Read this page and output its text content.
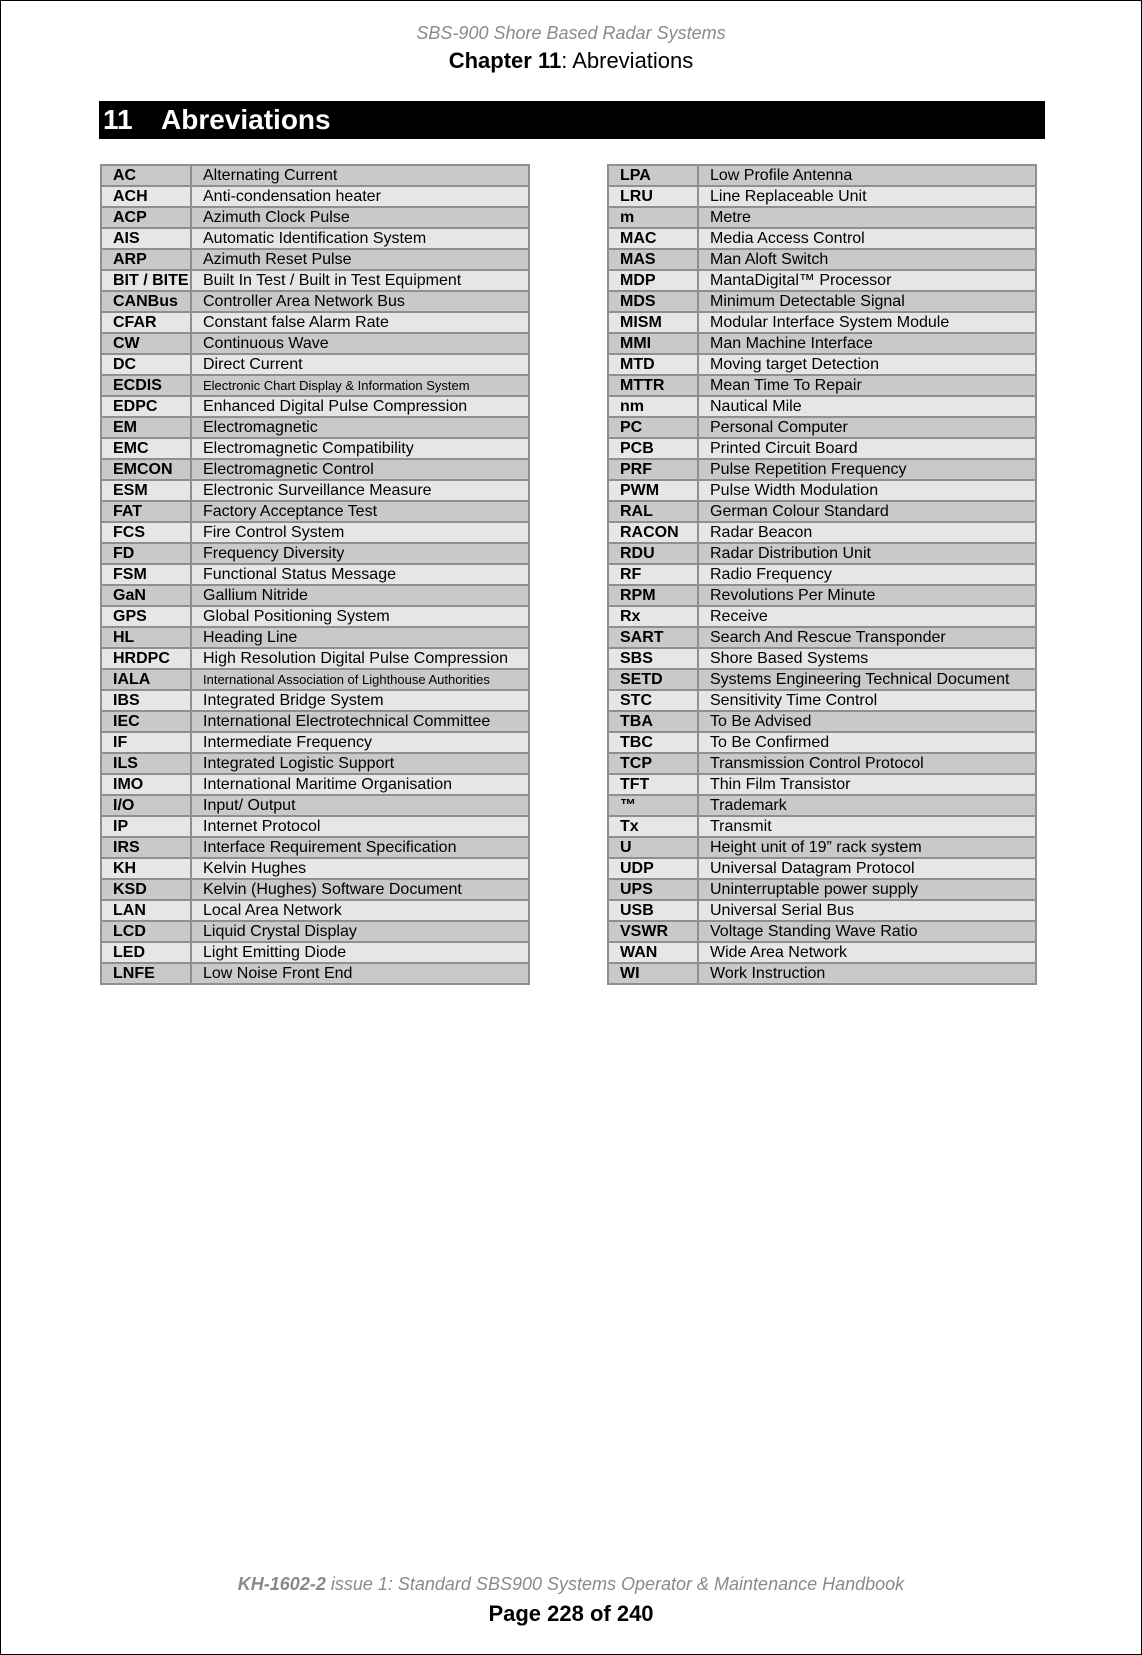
SBS-900 Shore Based Radar Systems
Chapter 11: Abreviations
11 Abreviations
AC	Alternating Current
ACH	Anti-condensation heater
ACP	Azimuth Clock Pulse
AIS	Automatic Identification System
ARP	Azimuth Reset Pulse
BIT / BITE	Built In Test / Built in Test Equipment
CANBus	Controller Area Network Bus
CFAR	Constant false Alarm Rate
CW	Continuous Wave
DC	Direct Current
ECDIS	Electronic Chart Display & Information System
EDPC	Enhanced Digital Pulse Compression
EM	Electromagnetic
EMC	Electromagnetic Compatibility
EMCON	Electromagnetic Control
ESM	Electronic Surveillance Measure
FAT	Factory Acceptance Test
FCS	Fire Control System
FD	Frequency Diversity
FSM	Functional Status Message
GaN	Gallium Nitride
GPS	Global Positioning System
HL	Heading Line
HRDPC	High Resolution Digital Pulse Compression
IALA	International Association of Lighthouse Authorities
IBS	Integrated Bridge System
IEC	International Electrotechnical Committee
IF	Intermediate Frequency
ILS	Integrated Logistic Support
IMO	International Maritime Organisation
I/O	Input/ Output
IP	Internet Protocol
IRS	Interface Requirement Specification
KH	Kelvin Hughes
KSD	Kelvin (Hughes) Software Document
LAN	Local Area Network
LCD	Liquid Crystal Display
LED	Light Emitting Diode
LNFE	Low Noise Front End
LPA	Low Profile Antenna
LRU	Line Replaceable Unit
m	Metre
MAC	Media Access Control
MAS	Man Aloft Switch
MDP	MantaDigital™ Processor
MDS	Minimum Detectable Signal
MISM	Modular Interface System Module
MMI	Man Machine Interface
MTD	Moving target Detection
MTTR	Mean Time To Repair
nm	Nautical Mile
PC	Personal Computer
PCB	Printed Circuit Board
PRF	Pulse Repetition Frequency
PWM	Pulse Width Modulation
RAL	German Colour Standard
RACON	Radar Beacon
RDU	Radar Distribution Unit
RF	Radio Frequency
RPM	Revolutions Per Minute
Rx	Receive
SART	Search And Rescue Transponder
SBS	Shore Based Systems
SETD	Systems Engineering Technical Document
STC	Sensitivity Time Control
TBA	To Be Advised
TBC	To Be Confirmed
TCP	Transmission Control Protocol
TFT	Thin Film Transistor
™	Trademark
Tx	Transmit
U	Height unit of 19” rack system
UDP	Universal Datagram Protocol
UPS	Uninterruptable power supply
USB	Universal Serial Bus
VSWR	Voltage Standing Wave Ratio
WAN	Wide Area Network
WI	Work Instruction
KH-1602-2 issue 1: Standard SBS900 Systems Operator & Maintenance Handbook
Page 228 of 240
